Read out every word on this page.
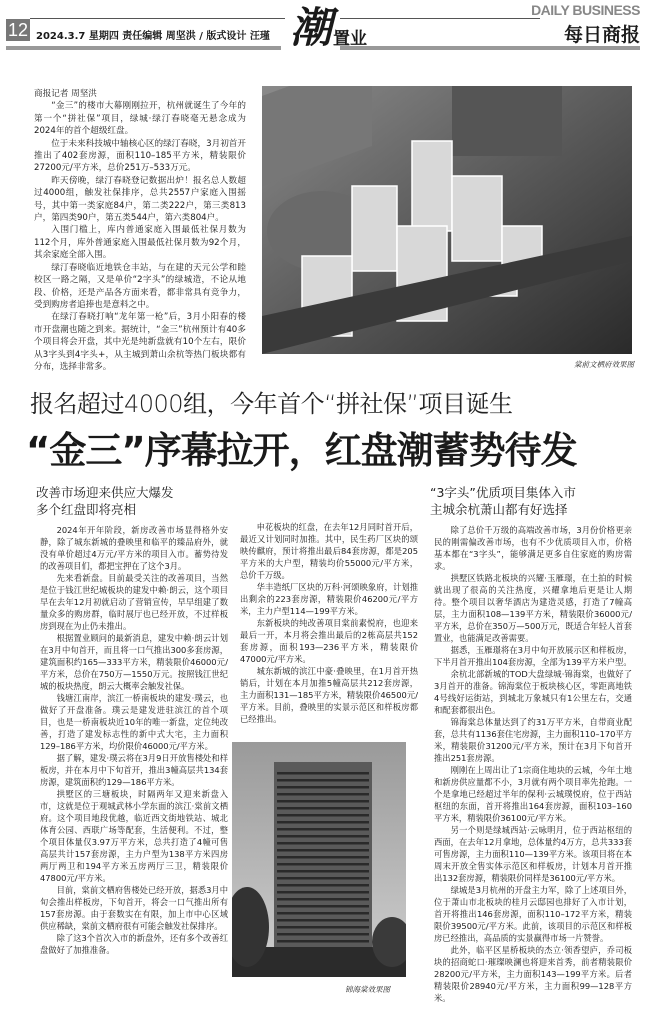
12 2024.3.7 星期四 责任编辑 周坚洪 / 版式设计 汪瑾 潮 置业
DAILY BUSINESS
每日商报

商报记者 周坚洪

“金三”的楼市大幕刚刚拉开，杭州就诞生了今年的第一个“拼社保”项目，绿城·绿汀春晓毫无悬念成为2024年的首个超级红盘。

位于未来科技城中轴核心区的绿汀春晓，3月初首开推出了402套房源，面积110–185平方米，精装限价27200元/平方米，总价251万–533万元。

昨天傍晚，绿汀春晓登记数据出炉！报名总人数超过4000组，触发社保排序，总共2557户家庭入围摇号，其中第一类家庭84户，第二类222户，第三类813户，第四类90户，第五类544户，第六类804户。

入围门槛上，库内普通家庭入围最低社保月数为112个月，库外普通家庭入围最低社保月数为92个月，其余家庭全部入围。

绿汀春晓临近地铁仓丰站，与在建的天元公学和睦校区一路之隔，又是单价“2字头”的绿城造，不论从地段、价格，还是产品各方面来看，都非常具有竞争力，受到购房者追捧也是意料之中。

在绿汀春晓打响“龙年第一枪”后，3月小阳春的楼市开盘潮也随之到来。据统计，“金三”杭州预计有40多个项目将会开盘，其中光是纯新盘就有10个左右，限价从3字头到4字头+，从主城到萧山余杭等热门板块都有分布，选择非常多。	棠前文栖府效果图
报名超过4000组，今年首个“拼社保”项目诞生
“金三”序幕拉开，红盘潮蓄势待发
改善市场迎来供应大爆发
多个红盘即将亮相

2024年开年阶段，新房改善市场显得格外安静，除了城东新城的叠映里和临平的臻品府外，就没有单价超过4万元/平方米的项目入市。蓄势待发的改善项目们，都把宝押在了这个3月。

先来看新盘。目前最受关注的改善项目，当然是位于钱江世纪城板块的建发中赖·朗云，这个项目早在去年12月初就启动了营销宣传，早早组建了数量众多的购房群，临时展厅也已经开放，不过样板房到现在为止仍未推出。

根据置业顾问的最新消息，建发中赖·朗云计划在3月中旬首开，而且将一口气推出300多套房源，建筑面积约165—333平方米，精装限价46000元/平方米，总价在750万—1550万元。按照钱江世纪城的板块热度，朗云大概率会触发社保。

钱塘江南岸，滨江一桥南板块的建发·璞云，也做好了开盘准备。璞云是建发进驻滨江的首个项目，也是一桥南板块近10年的唯一新盘，定位纯改善，打造了建发标志性的新中式大宅，主力面积129–186平方米，均价限价46000元/平方米。

据了解，建发·璞云将在3月9日开放售楼处和样板房，并在本月中下旬首开，推出3幢高层共134套房源，建筑面积约129—186平方米。

拱墅区的三塘板块，时隔两年又迎来新盘入市，这就是位于观城武林小学东面的滨江·棠前文栖府。这个项目地段优越，临近西文街地铁站、城北体育公园、西联广场等配套，生活便利。不过，整个项目体量仅3.97万平方米，总共打造了4幢可售高层共计157套房源，主力户型为138平方米四房两厅两卫和194平方米五房两厅三卫，精装限价47800元/平方米。

目前，棠前文栖府售楼处已经开放，据悉3月中旬会推出样板房，下旬首开，将会一口气推出所有157套房源。由于套数实在有限，加上市中心区域供应稀缺，棠前文栖府很有可能会触发社保排序。

除了这3个首次入市的新盘外，还有多个改善红盘做好了加推准备。

申花板块的红盘，在去年12月同时首开后，最近又计划同时加推。其中，民生药厂区块的颂映传麒府，预计将推出最后84套房源，都是205平方米的大户型，精装均价55000元/平方米，总价千万级。

华丰造纸厂区块的万科·河颂映象府，计划推出剩余的223套房源，精装限价46200元/平方米，主力户型114—199平方米。

东新板块的纯改善项目棠前素悦府，也迎来最后一开，本月将会推出最后的2栋高层共152套房源，面积193—236平方米，精装限价47000元/平方米。

城东新城的滨江中豪·叠映里，在1月首开热销后，计划在本月加推5幢高层共212套房源，主力面积131—185平方米，精装限价46500元/平方米。目前，叠映里的实景示范区和样板房都已经推出。

锦海棠效果图
“3字头”优质项目集体入市
主城余杭萧山都有好选择

除了总价千万级的高端改善市场，3月份价格更亲民的刚需偏改善市场，也有不少优质项目入市，价格基本都在“3字头”，能够满足更多自住家庭的购房需求。

拱墅区铁路北板块的兴耀·玉雁璟，在土拍的时候就出现了很高的关注热度，兴耀拿地后更是让人期待。整个项目以奢华酒店为建造灵感，打造了7幢高层，主力面积108—139平方米，精装限价36000元/平方米，总价在350万—500万元，既适合年轻人首套置业，也能满足改善需要。

据悉，玉雁璟将在3月中旬开放展示区和样板房，下半月首开推出104套房源，全部为139平方米户型。

余杭北部新城的TOD大盘绿城·锦海棠，也做好了3月首开的准备。锦海棠位于板块核心区，零距离地铁4号线好运街站，到城北万象城只有1公里左右，交通和配套都很出色。

锦海棠总体量达到了约31万平方米，自带商业配套，总共有1136套住宅房源，主力面积110–170平方米，精装限价31200元/平方米，预计在3月下旬首开推出251套房源。

刚刚在上周出让了1宗商住地块的云城，今年土地和新房供应量都不小，3月就有两个项目率先抢跑。一个是拿地已经超过半年的保利·云城璞悦府，位于西站枢纽的东面，首开将推出164套房源，面积103–160平方米，精装限价36100元/平方米。

另一个则是绿城西站·云咏明月，位于西站枢纽的西面，在去年12月拿地，总体量约4万方，总共333套可售房源，主力面积110—139平方米。该项目将在本周末开放全售实体示范区和样板房，计划本月首开推出132套房源，精装限价同样是36100元/平方米。

绿城是3月杭州的开盘主力军，除了上述项目外，位于萧山市北板块的桂月云邸园也排好了入市计划，首开将推出146套房源，面积110–172平方米，精装限价39500元/平方米。此前，该项目的示范区和样板房已经推出，高品质的实景赢得市场一片赞誉。

此外，临平区星桥板块的杰立·领香望庐，乔司板块的招商蛇口·璀璨映澜也将迎来首秀，前者精装限价28200元/平方米，主力面积143—199平方米。后者精装限价28940元/平方米，主力面积99—128平方米。
